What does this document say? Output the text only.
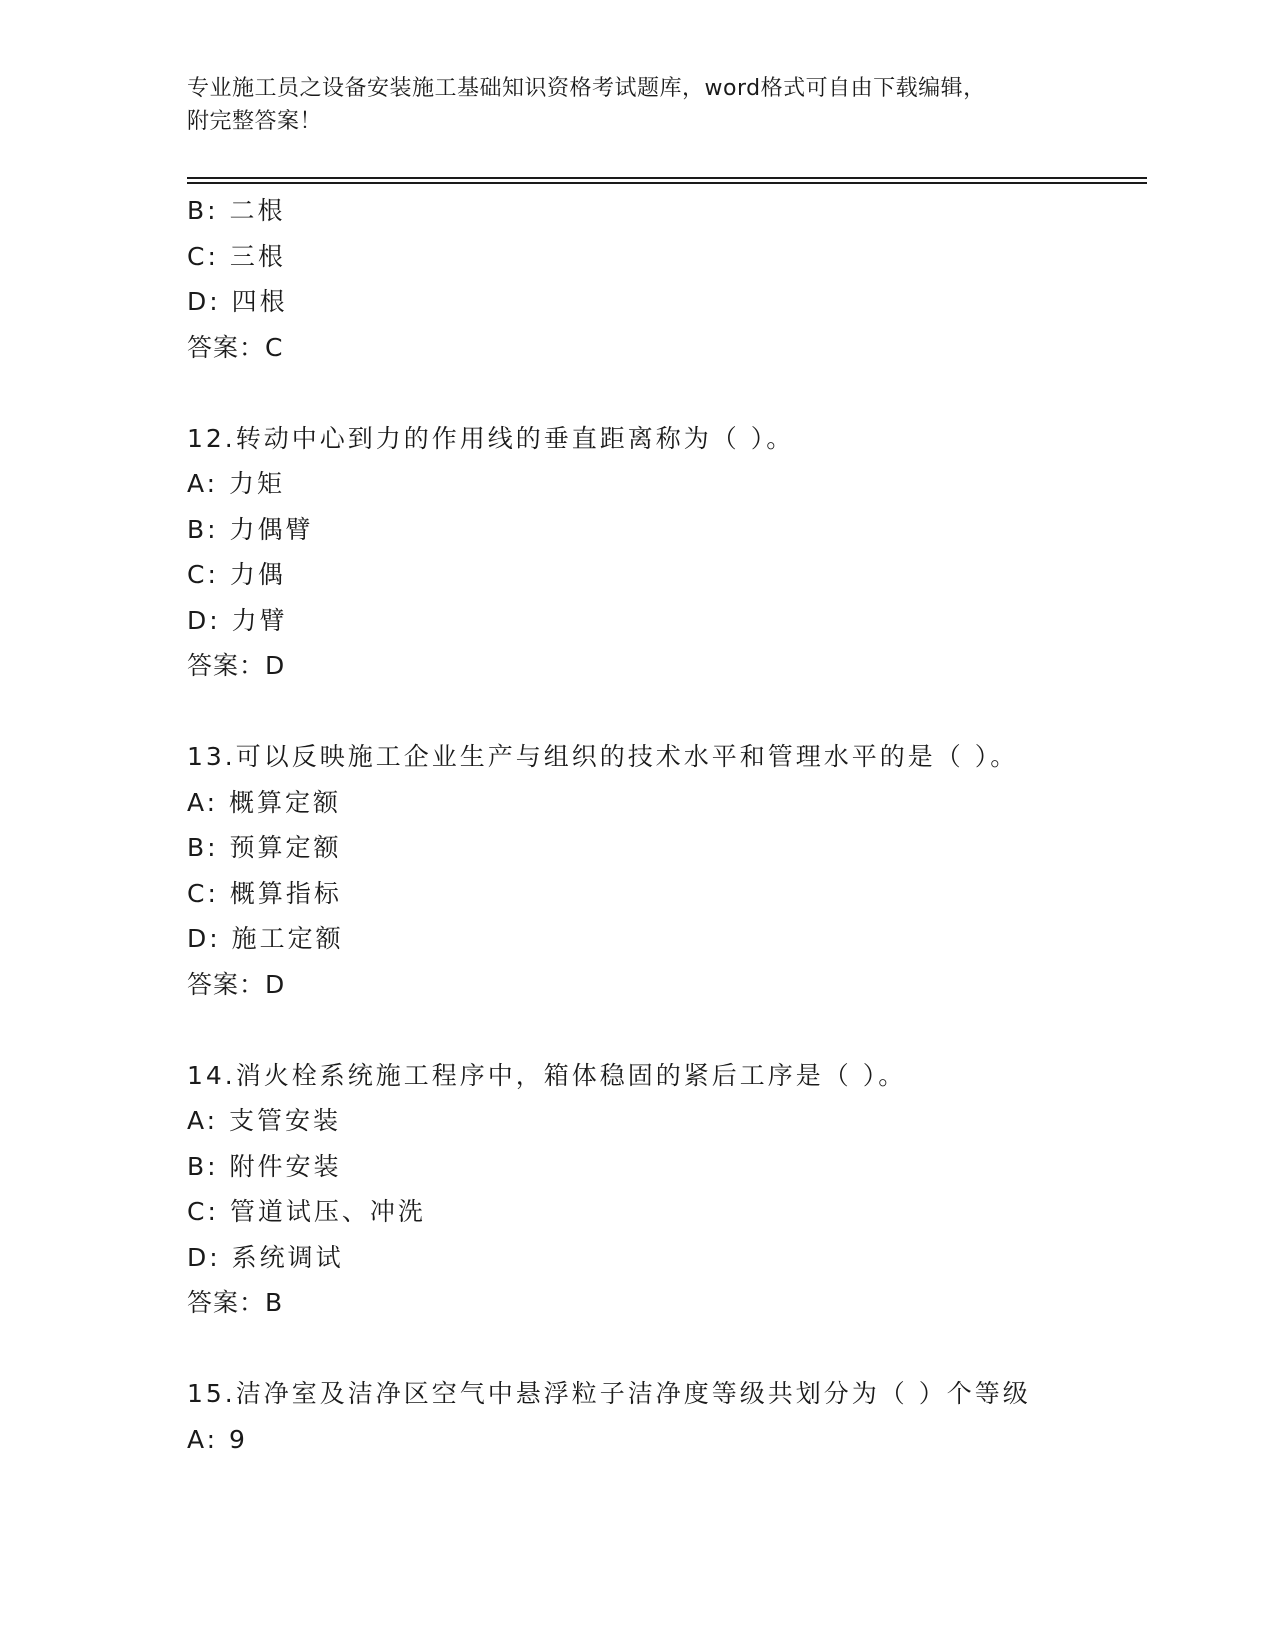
专业施工员之设备安装施工基础知识资格考试题库，word格式可自由下载编辑，
附完整答案！
B: 二根
C: 三根
D: 四根
答案：C
12.转动中心到力的作用线的垂直距离称为（ ）。
A: 力矩
B: 力偶臂
C: 力偶
D: 力臂
答案：D
13.可以反映施工企业生产与组织的技术水平和管理水平的是（ ）。
A: 概算定额
B: 预算定额
C: 概算指标
D: 施工定额
答案：D
14.消火栓系统施工程序中，箱体稳固的紧后工序是（ ）。
A: 支管安装
B: 附件安装
C: 管道试压、冲洗
D: 系统调试
答案：B
15.洁净室及洁净区空气中悬浮粒子洁净度等级共划分为（ ）个等级
A: 9
